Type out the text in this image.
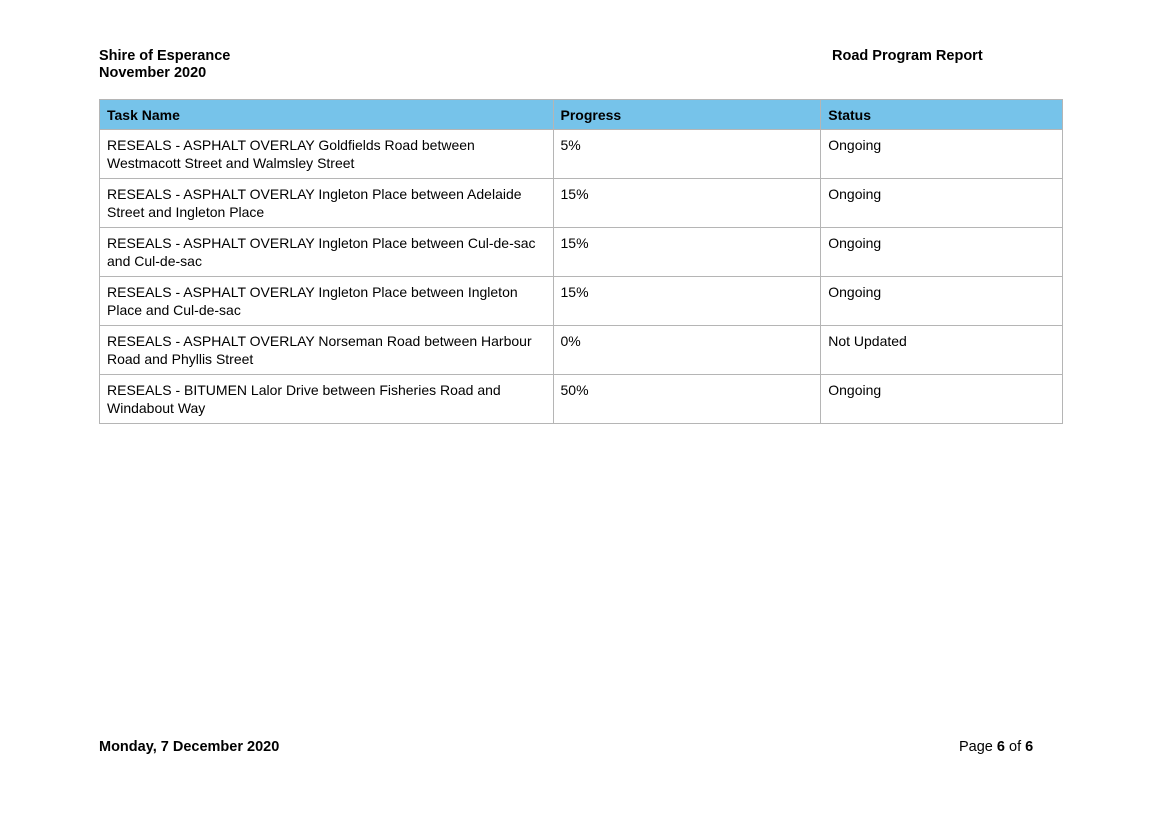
Shire of Esperance
November 2020
Road Program Report
Task Name	Progress	Status
RESEALS - ASPHALT OVERLAY Goldfields Road between Westmacott Street and Walmsley Street	5%	Ongoing
RESEALS - ASPHALT OVERLAY Ingleton Place between Adelaide Street and Ingleton Place	15%	Ongoing
RESEALS - ASPHALT OVERLAY Ingleton Place between Cul-de-sac and Cul-de-sac	15%	Ongoing
RESEALS - ASPHALT OVERLAY Ingleton Place between Ingleton Place and Cul-de-sac	15%	Ongoing
RESEALS - ASPHALT OVERLAY Norseman Road between Harbour Road and Phyllis Street	0%	Not Updated
RESEALS - BITUMEN Lalor Drive between Fisheries Road and Windabout Way	50%	Ongoing
Monday, 7 December 2020	Page 6 of 6
